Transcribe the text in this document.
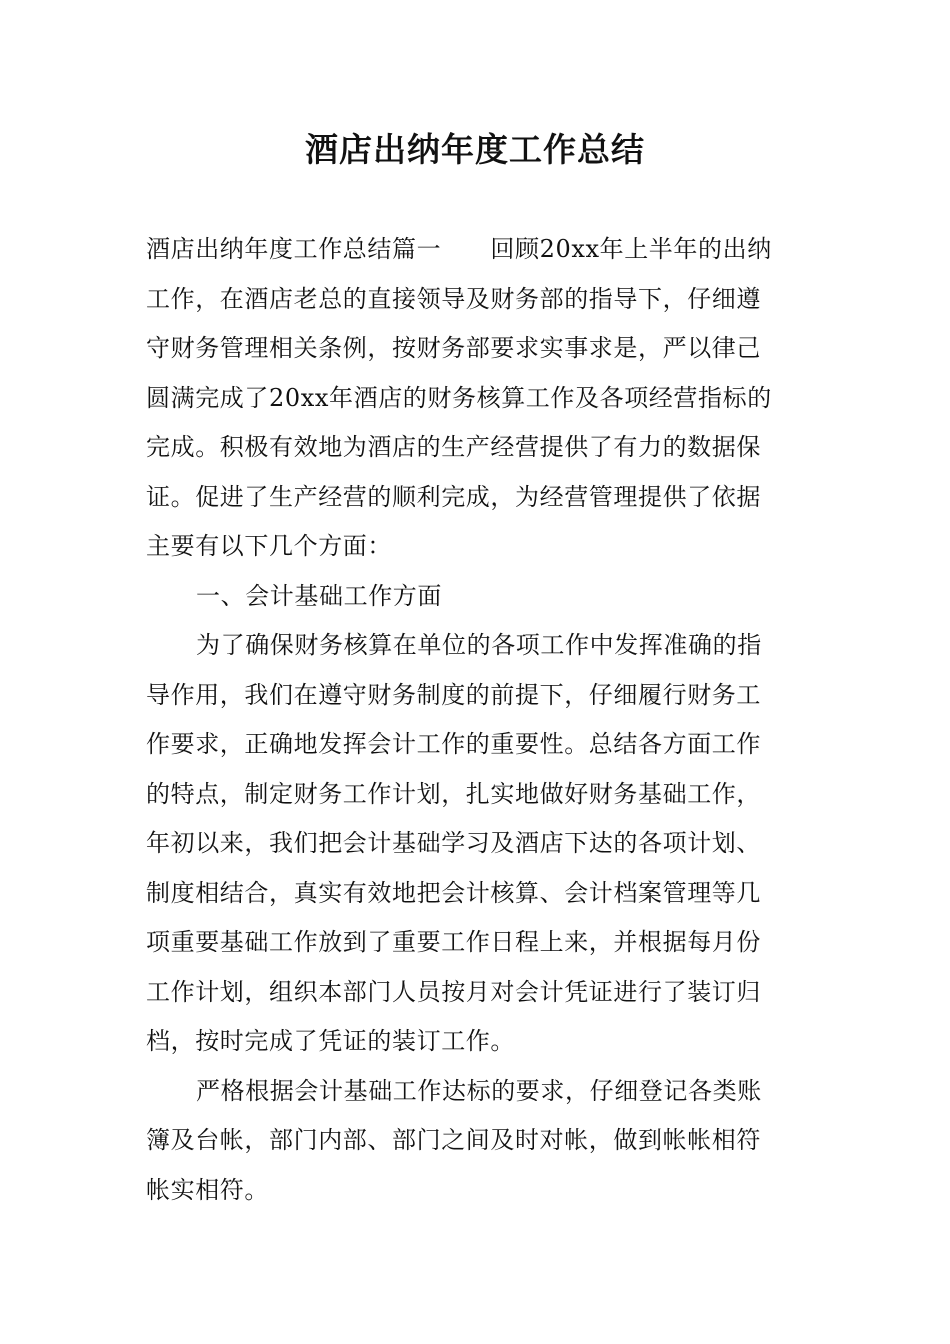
酒店出纳年度工作总结
酒店出纳年度工作总结篇一　　回顾20xx年上半年的出纳
工作，在酒店老总的直接领导及财务部的指导下，仔细遵
守财务管理相关条例，按财务部要求实事求是，严以律己
圆满完成了20xx年酒店的财务核算工作及各项经营指标的
完成。积极有效地为酒店的生产经营提供了有力的数据保
证。促进了生产经营的顺利完成，为经营管理提供了依据
主要有以下几个方面：
一、会计基础工作方面
为了确保财务核算在单位的各项工作中发挥准确的指
导作用，我们在遵守财务制度的前提下，仔细履行财务工
作要求，正确地发挥会计工作的重要性。总结各方面工作
的特点，制定财务工作计划，扎实地做好财务基础工作，
年初以来，我们把会计基础学习及酒店下达的各项计划、
制度相结合，真实有效地把会计核算、会计档案管理等几
项重要基础工作放到了重要工作日程上来，并根据每月份
工作计划，组织本部门人员按月对会计凭证进行了装订归
档，按时完成了凭证的装订工作。
严格根据会计基础工作达标的要求，仔细登记各类账
簿及台帐，部门内部、部门之间及时对帐，做到帐帐相符
帐实相符。
